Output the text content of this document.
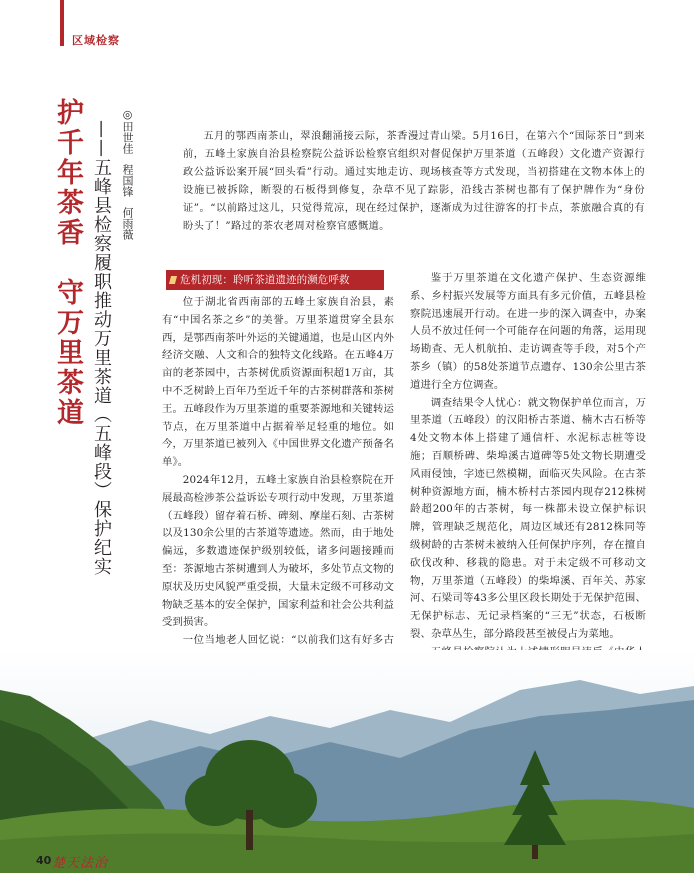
区域检察
护千年茶香　守万里茶道 ——五峰县检察履职推动万里茶道（五峰段）保护纪实
◎田世佳程国锋何雨薇
五月的鄂西南茶山，翠浪翻涌接云际，茶香漫过青山梁。5月16日，在第六个“国际茶日”到来前，五峰土家族自治县检察院公益诉讼检察官组织对督促保护万里茶道（五峰段）文化遗产资源行政公益诉讼案开展“回头看”行动。通过实地走访、现场核查等方式发现，当初搭建在文物本体上的设施已被拆除，断裂的石板得到修复，杂草不见了踪影，沿线古茶树也都有了保护牌作为“身份证”。“以前路过这儿，只觉得荒凉，现在经过保护，逐渐成为过往游客的打卡点，茶旅融合真的有盼头了！”路过的茶农老周对检察官感慨道。
危机初现：聆听茶道遗迹的濒危呼救

位于湖北省西南部的五峰土家族自治县，素有“中国名茶之乡”的美誉。万里茶道贯穿全县东西，是鄂西南茶叶外运的关键通道，也是山区内外经济交融、人文和合的独特文化线路。在五峰4万亩的老茶园中，古茶树优质资源面积超1万亩，其中不乏树龄上百年乃至近千年的古茶树群落和茶树王。五峰段作为万里茶道的重要茶源地和关键转运节点，在万里茶道中占据着举足轻重的地位。如今，万里茶道已被列入《中国世界文化遗产预备名单》。

2024年12月，五峰土家族自治县检察院在开展最高检涉茶公益诉讼专项行动中发现，万里茶道（五峰段）留存着石桥、碑刻、摩崖石刻、古茶树以及130余公里的古茶道等遗迹。然而，由于地处偏远，多数遗迹保护级别较低，诸多问题接踵而至：茶源地古茶树遭到人为破坏，多处节点文物的原状及历史风貌严重受损，大量未定级不可移动文物缺乏基本的安全保护，国家利益和社会公共利益受到损害。

一位当地老人回忆说：“以前我们这有好多古

鉴于万里茶道在文化遗产保护、生态资源维系、乡村振兴发展等方面具有多元价值，五峰县检察院迅速展开行动。在进一步的深入调查中，办案人员不放过任何一个可能存在问题的角落，运用现场勘查、无人机航拍、走访调查等手段，对5个产茶乡（镇）的58处茶道节点遗存、130余公里古茶道进行全方位调查。

调查结果令人忧心：就文物保护单位而言，万里茶道（五峰段）的汉阳桥古茶道、楠木古石桥等4处文物本体上搭建了通信杆、水泥标志桩等设施；百顺桥碑、柴埠溪古道碑等5处文物长期遭受风雨侵蚀，字迹已然模糊，面临灭失风险。在古茶树种资源地方面，楠木桥村古茶园内现存212株树龄超200年的古茶树，每一株都未设立保护标识牌，管理缺乏规范化，周边区域还有2812株同等级树龄的古茶树未被纳入任何保护序列，存在擅自砍伐改种、移栽的隐患。对于未定级不可移动文物，万里茶道（五峰段）的柴埠溪、百年关、苏家河、石梁司等43多公里区段长期处于无保护范围、无保护标志、无记录档案的“三无”状态，石板断裂、杂草丛生，部分路段甚至被侵占为菜地。

40 楚天法治
